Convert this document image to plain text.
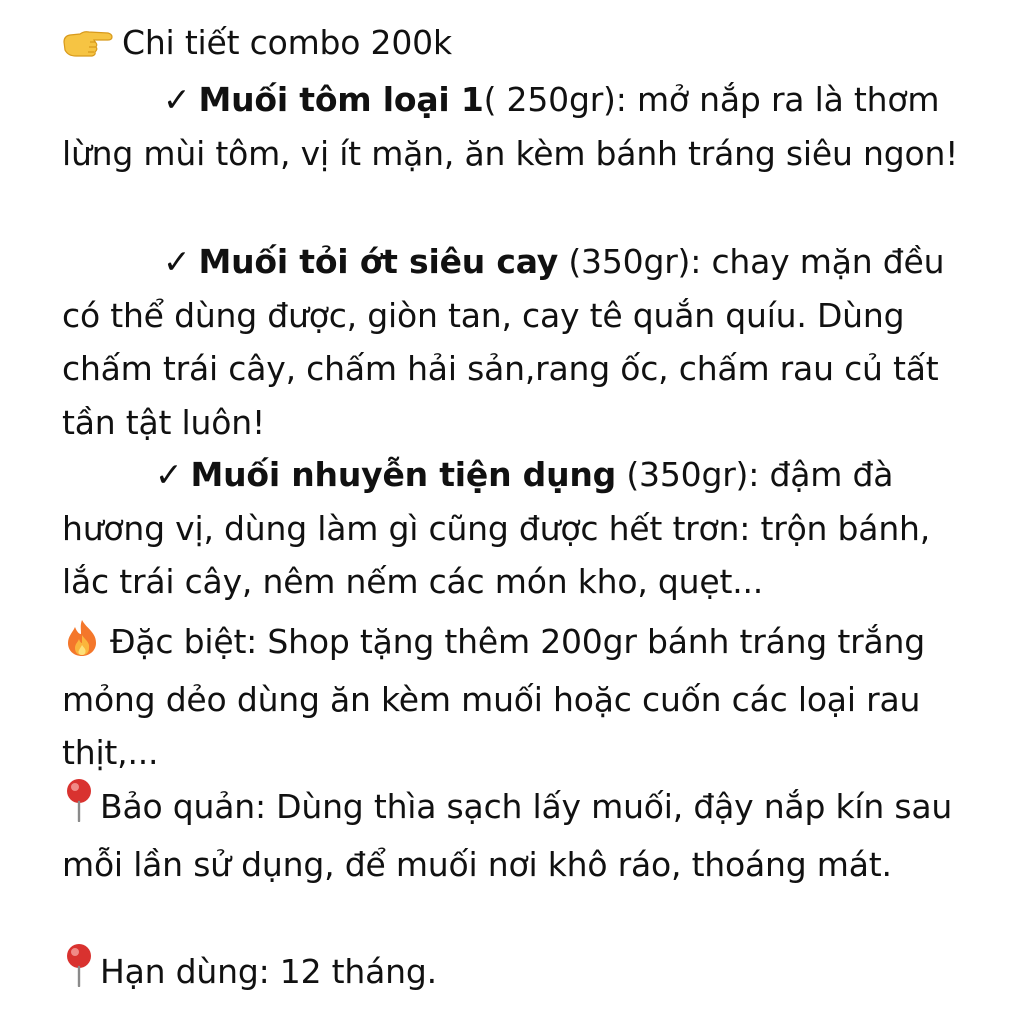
Chi tiết combo 200k

✓ Muối tôm loại 1( 250gr): mở nắp ra là thơm lừng mùi tôm, vị ít mặn, ăn kèm bánh tráng siêu ngon!

✓ Muối tỏi ớt siêu cay (350gr): chay mặn đều có thể dùng được, giòn tan, cay tê quắn quíu. Dùng chấm trái cây, chấm hải sản,rang ốc, chấm rau củ tất tần tật luôn!

✓ Muối nhuyễn tiện dụng (350gr): đậm đà hương vị, dùng làm gì cũng được hết trơn: trộn bánh, lắc trái cây, nêm nếm các món kho, quẹt...

Đặc biệt: Shop tặng thêm 200gr bánh tráng trắng mỏng dẻo dùng ăn kèm muối hoặc cuốn các loại rau thịt,...

Bảo quản: Dùng thìa sạch lấy muối, đậy nắp kín sau mỗi lần sử dụng, để muối nơi khô ráo, thoáng mát.

Hạn dùng: 12 tháng.
